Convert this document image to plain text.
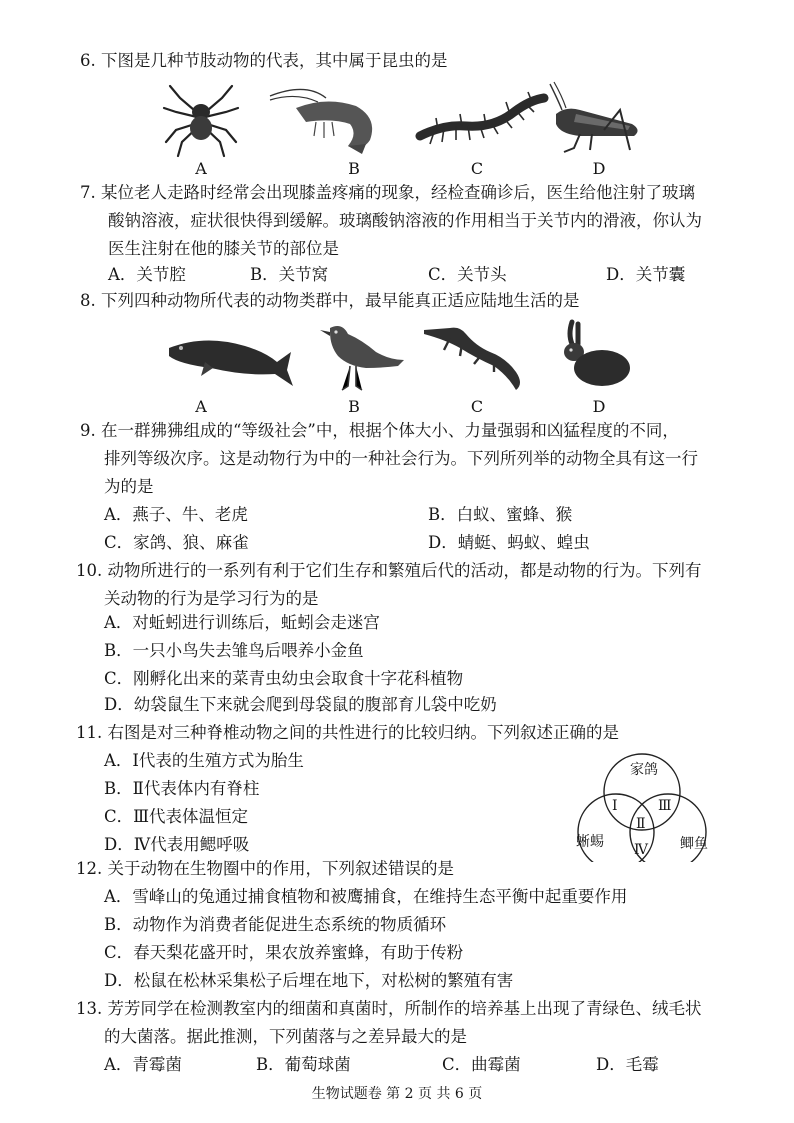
6. 下图是几种节肢动物的代表，其中属于昆虫的是
A	B	C	D
7. 某位老人走路时经常会出现膝盖疼痛的现象，经检查确诊后，医生给他注射了玻璃
酸钠溶液，症状很快得到缓解。玻璃酸钠溶液的作用相当于关节内的滑液，你认为
医生注射在他的膝关节的部位是
A．关节腔	B．关节窝	C．关节头	D．关节囊
8. 下列四种动物所代表的动物类群中，最早能真正适应陆地生活的是
A	B	C	D
9. 在一群狒狒组成的“等级社会”中，根据个体大小、力量强弱和凶猛程度的不同，
排列等级次序。这是动物行为中的一种社会行为。下列所列举的动物全具有这一行
为的是
A．燕子、牛、老虎	B．白蚁、蜜蜂、猴
C．家鸽、狼、麻雀	D．蜻蜓、蚂蚁、蝗虫
10. 动物所进行的一系列有利于它们生存和繁殖后代的活动，都是动物的行为。下列有
关动物的行为是学习行为的是
A．对蚯蚓进行训练后，蚯蚓会走迷宫
B．一只小鸟失去雏鸟后喂养小金鱼
C．刚孵化出来的菜青虫幼虫会取食十字花科植物
D．幼袋鼠生下来就会爬到母袋鼠的腹部育儿袋中吃奶
11. 右图是对三种脊椎动物之间的共性进行的比较归纳。下列叙述正确的是
A．Ⅰ代表的生殖方式为胎生
B．Ⅱ代表体内有脊柱
C．Ⅲ代表体温恒定
D．Ⅳ代表用鳃呼吸
家鸽
蜥蜴	鲫鱼
Ⅰ
Ⅱ
Ⅲ
Ⅳ
12. 关于动物在生物圈中的作用，下列叙述错误的是
A．雪峰山的兔通过捕食植物和被鹰捕食，在维持生态平衡中起重要作用
B．动物作为消费者能促进生态系统的物质循环
C．春天梨花盛开时，果农放养蜜蜂，有助于传粉
D．松鼠在松林采集松子后埋在地下，对松树的繁殖有害
13. 芳芳同学在检测教室内的细菌和真菌时，所制作的培养基上出现了青绿色、绒毛状
的大菌落。据此推测，下列菌落与之差异最大的是
A．青霉菌	B．葡萄球菌	C．曲霉菌	D．毛霉
生物试题卷 第 2 页 共 6 页
